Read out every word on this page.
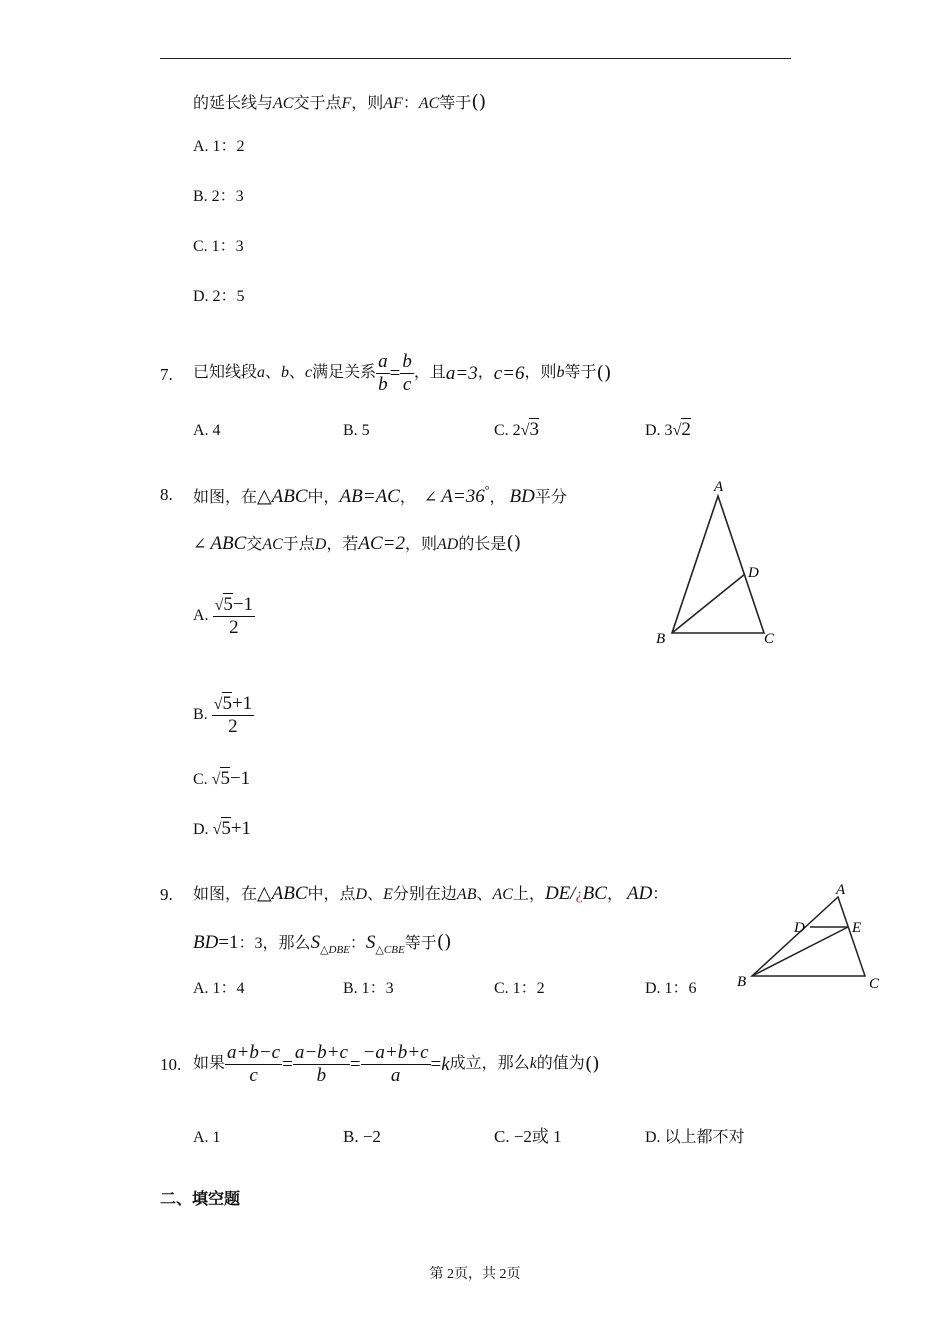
的延长线与AC交于点F，则AF：AC等于()
A. 1：2
B. 2：3
C. 1：3
D. 2：5
7. 已知线段 a 、 b 、 c 满足关系 $\frac{a}{b} = \frac{b}{c}$ ，且 a=3 ， c=6 ，则 b 等于 ()
A. 4	B. 5	C. 2√3	D. 3√2
8. 如图，在△ABC中，AB=AC， ∠ A=36°， BD平分
∠ ABC交AC于点D，若AC=2，则AD的长是()
A. $\frac{√5-1}{2}$
B. $\frac{√5+1}{2}$
C. √5−1
D. √5+1
A
B	C
D
9. 如图，在△ABC中，点D、E分别在边AB、AC上，DE/¿BC， AD：
BD=1：3，那么$S_{\triangle DBE}$：$S_{\triangle CBE}$等于()
A. 1：4	B. 1：3	C. 1：2	D. 1：6
A
B	C
D	E
10. 如果 $\frac{a+b-c}{c} = \frac{a-b+c}{b} = \frac{-a+b+c}{a} = k$ 成立，那么 k 的值为 ()
A. 1	B. −2	C. −2或 1	D. 以上都不对
二、填空题
第 2页，共 2页
